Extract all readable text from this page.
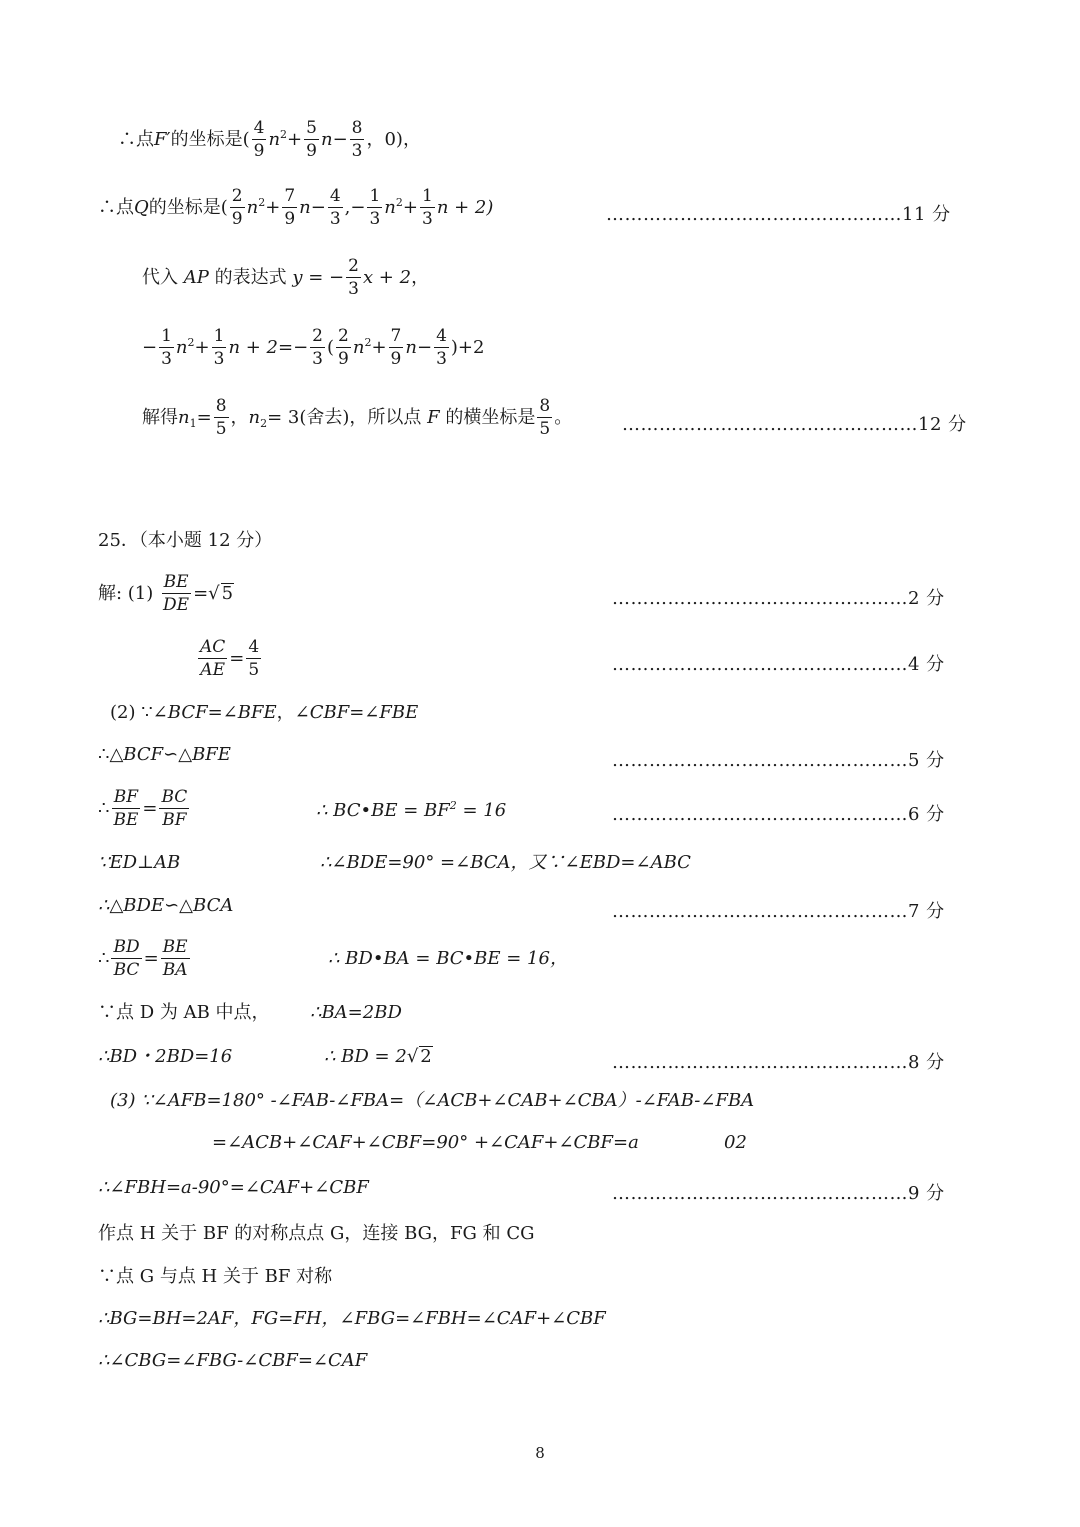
∴点F′的坐标是( $\frac{4}{9} n^2+ \frac{5}{9} n- \frac{8}{3}$ ，0)，
∴点Q的坐标是( $\frac{2}{9} n^2+ \frac{7}{9} n- \frac{4}{3}$ ,− $\frac{1}{3} n^2+ \frac{1}{3}$ n + 2)	…………………………………………11 分
代入 AP 的表达式 y = − $\frac{2}{3}$ x + 2，
− $\frac{1}{3} n^2+ \frac{1}{3}$ $n + 2=- \frac{2}{3}$ ( $\frac{2}{9} n^2+ \frac{7}{9} n- \frac{4}{3} )+2$
解得$n_1= \frac{8}{5}$ ，$n_2= 3$(舍去)，所以点 F 的横坐标是 $\frac{8}{5}$ 。	…………………………………………12 分
25．（本小题 12 分）
解: $(1) \frac{BE}{DE}$ =√ 5	…………………………………………2 分
$\frac{AC}{AE} = \frac{4}{5}$	…………………………………………4 分
(2) ∵∠BCF=∠BFE，∠CBF=∠FBE
∴△BCF∽△BFE	…………………………………………5 分
∴ $\frac{BF}{BE} = \frac{BC}{BF}$	∴ BC•BE = $BF^2 = 16$	…………………………………………6 分
∵ED⊥AB	∴∠BDE=90° =∠BCA，又∵∠EBD=∠ABC
∴△BDE∽△BCA	…………………………………………7 分
∴ $\frac{BD}{BC} = \frac{BE}{BA}$	∴ BD•BA = BC•BE = 16，
∵点 D 为 AB 中点， ∴BA=2BD
∴BD・2BD=16	∴ BD = 2√ 2	…………………………………………8 分
(3) ∵∠AFB=180° -∠FAB-∠FBA=（∠ACB+∠CAB+∠CBA）-∠FAB-∠FBA
=∠ACB+∠CAF+∠CBF=90° +∠CAF+∠CBF=a	02
∴∠FBH=a-90°=∠CAF+∠CBF	…………………………………………9 分
作点 H 关于 BF 的对称点点 G，连接 BG，FG 和 CG
∵点 G 与点 H 关于 BF 对称
∴BG=BH=2AF，FG=FH，∠FBG=∠FBH=∠CAF+∠CBF
∴∠CBG=∠FBG-∠CBF=∠CAF
8
